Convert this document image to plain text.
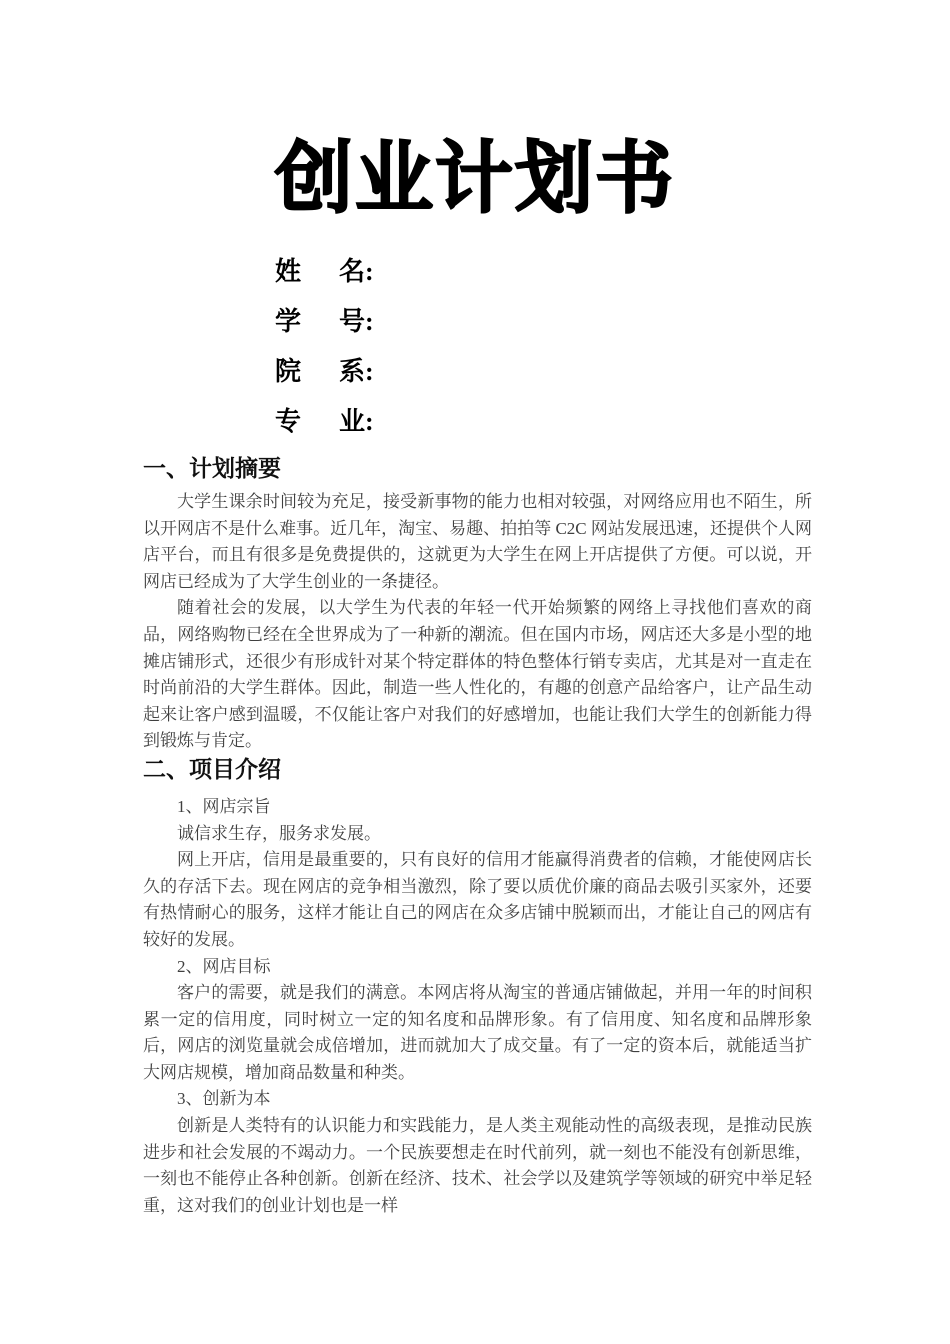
创业计划书
姓 名:
学 号:
院 系:
专 业:
一、计划摘要

大学生课余时间较为充足，接受新事物的能力也相对较强，对网络应用也不陌生，所以开网店不是什么难事。近几年，淘宝、易趣、拍拍等 C2C 网站发展迅速，还提供个人网店平台，而且有很多是免费提供的，这就更为大学生在网上开店提供了方便。可以说，开网店已经成为了大学生创业的一条捷径。

随着社会的发展，以大学生为代表的年轻一代开始频繁的网络上寻找他们喜欢的商品，网络购物已经在全世界成为了一种新的潮流。但在国内市场，网店还大多是小型的地摊店铺形式，还很少有形成针对某个特定群体的特色整体行销专卖店，尤其是对一直走在时尚前沿的大学生群体。因此，制造一些人性化的，有趣的创意产品给客户，让产品生动起来让客户感到温暖，不仅能让客户对我们的好感增加，也能让我们大学生的创新能力得到锻炼与肯定。

二、项目介绍

1、网店宗旨

诚信求生存，服务求发展。

网上开店，信用是最重要的，只有良好的信用才能赢得消费者的信赖，才能使网店长久的存活下去。现在网店的竞争相当激烈，除了要以质优价廉的商品去吸引买家外，还要有热情耐心的服务，这样才能让自己的网店在众多店铺中脱颖而出，才能让自己的网店有较好的发展。

2、网店目标

客户的需要，就是我们的满意。本网店将从淘宝的普通店铺做起，并用一年的时间积累一定的信用度，同时树立一定的知名度和品牌形象。有了信用度、知名度和品牌形象后，网店的浏览量就会成倍增加，进而就加大了成交量。有了一定的资本后，就能适当扩大网店规模，增加商品数量和种类。

3、创新为本

创新是人类特有的认识能力和实践能力，是人类主观能动性的高级表现，是推动民族进步和社会发展的不竭动力。一个民族要想走在时代前列，就一刻也不能没有创新思维，一刻也不能停止各种创新。创新在经济、技术、社会学以及建筑学等领域的研究中举足轻重，这对我们的创业计划也是一样
